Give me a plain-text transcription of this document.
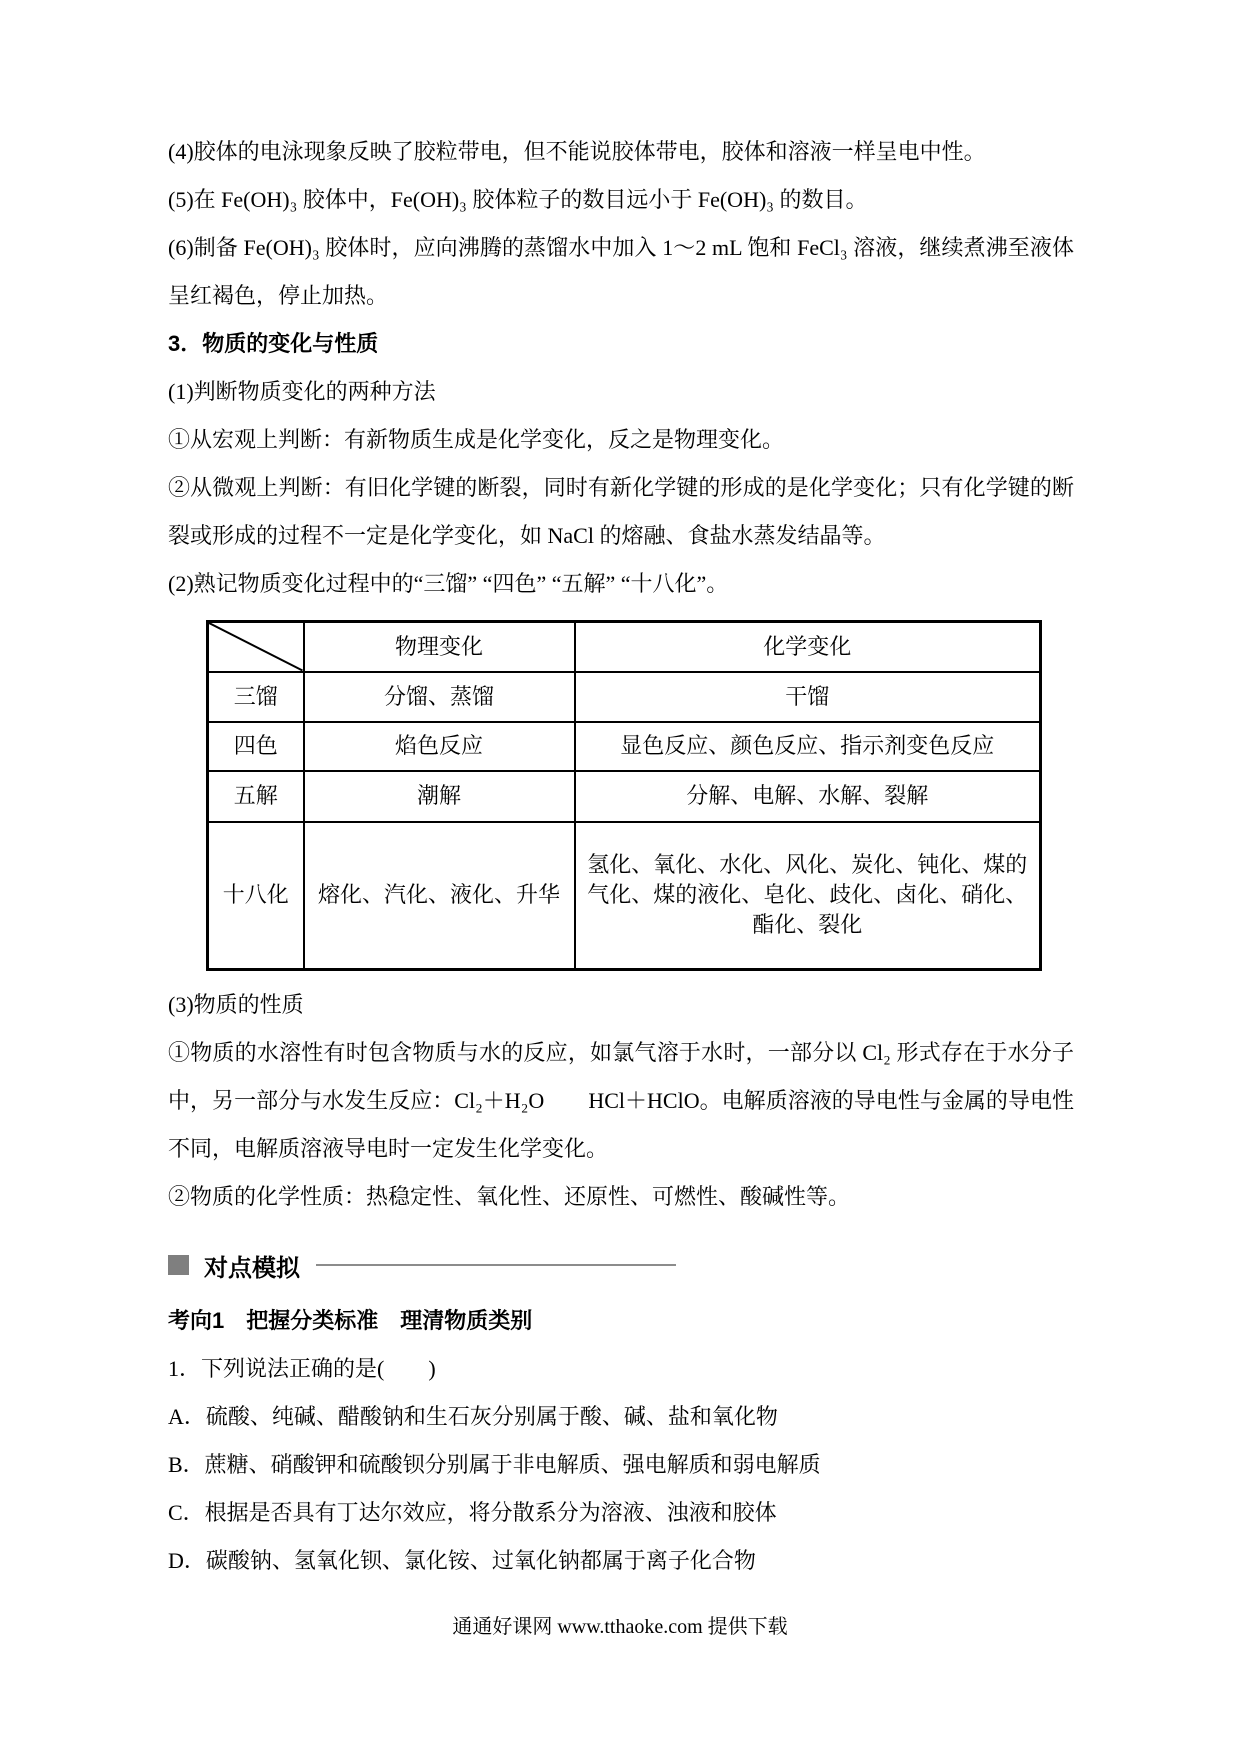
(4)胶体的电泳现象反映了胶粒带电，但不能说胶体带电，胶体和溶液一样呈电中性。

(5)在 Fe(OH)₃ 胶体中，Fe(OH)₃ 胶体粒子的数目远小于 Fe(OH)₃ 的数目。

(6)制备 Fe(OH)₃ 胶体时，应向沸腾的蒸馏水中加入 1～2 mL 饱和 FeCl₃ 溶液，继续煮沸至液体呈红褐色，停止加热。

3．物质的变化与性质

(1)判断物质变化的两种方法

①从宏观上判断：有新物质生成是化学变化，反之是物理变化。

②从微观上判断：有旧化学键的断裂，同时有新化学键的形成的是化学变化；只有化学键的断裂或形成的过程不一定是化学变化，如 NaCl 的熔融、食盐水蒸发结晶等。

(2)熟记物质变化过程中的“三馏” “四色” “五解” “十八化”。

	物理变化	化学变化
三馏	分馏、蒸馏	干馏
四色	焰色反应	显色反应、颜色反应、指示剂变色反应
五解	潮解	分解、电解、水解、裂解
十八化	熔化、汽化、液化、升华	氢化、氧化、水化、风化、炭化、钝化、煤的气化、煤的液化、皂化、歧化、卤化、硝化、酯化、裂化

(3)物质的性质

①物质的水溶性有时包含物质与水的反应，如氯气溶于水时，一部分以 Cl₂ 形式存在于水分子中，另一部分与水发生反应：Cl₂＋H₂O　　HCl＋HClO。电解质溶液的导电性与金属的导电性不同，电解质溶液导电时一定发生化学变化。

②物质的化学性质：热稳定性、氧化性、还原性、可燃性、酸碱性等。

对点模拟

考向1　把握分类标准　理清物质类别

1．下列说法正确的是(　　)

A．硫酸、纯碱、醋酸钠和生石灰分别属于酸、碱、盐和氧化物

B．蔗糖、硝酸钾和硫酸钡分别属于非电解质、强电解质和弱电解质

C．根据是否具有丁达尔效应，将分散系分为溶液、浊液和胶体

D．碳酸钠、氢氧化钡、氯化铵、过氧化钠都属于离子化合物

通通好课网 www.tthaoke.com 提供下载
